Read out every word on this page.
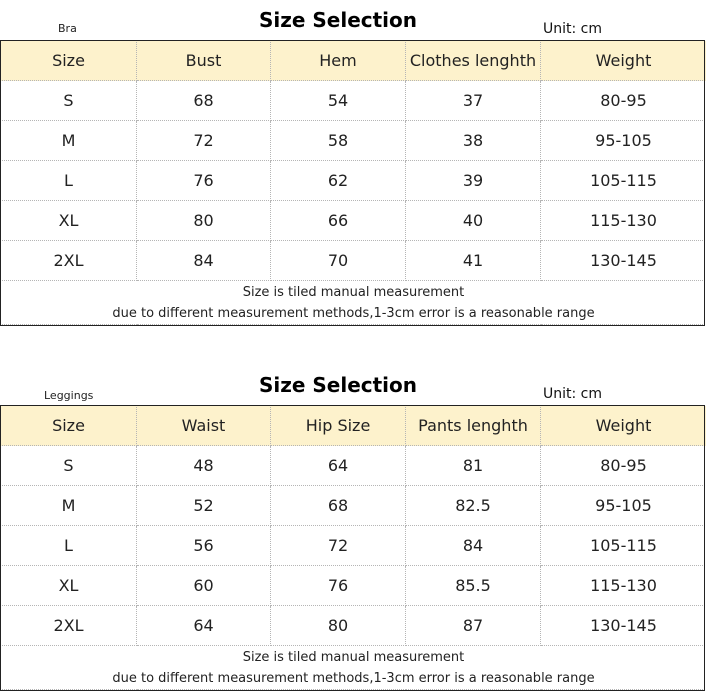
Bra	Size Selection	Unit: cm
Size	Bust	Hem	Clothes lenghth	Weight
S	68	54	37	80-95
M	72	58	38	95-105
L	76	62	39	105-115
XL	80	66	40	115-130
2XL	84	70	41	130-145

Size is tiled manual measurement
due to different measurement methods,1-3cm error is a reasonable range				
Leggings	Size Selection	Unit: cm
Size	Waist	Hip Size	Pants lenghth	Weight
S	48	64	81	80-95
M	52	68	82.5	95-105
L	56	72	84	105-115
XL	60	76	85.5	115-130
2XL	64	80	87	130-145

Size is tiled manual measurement
due to different measurement methods,1-3cm error is a reasonable range				
